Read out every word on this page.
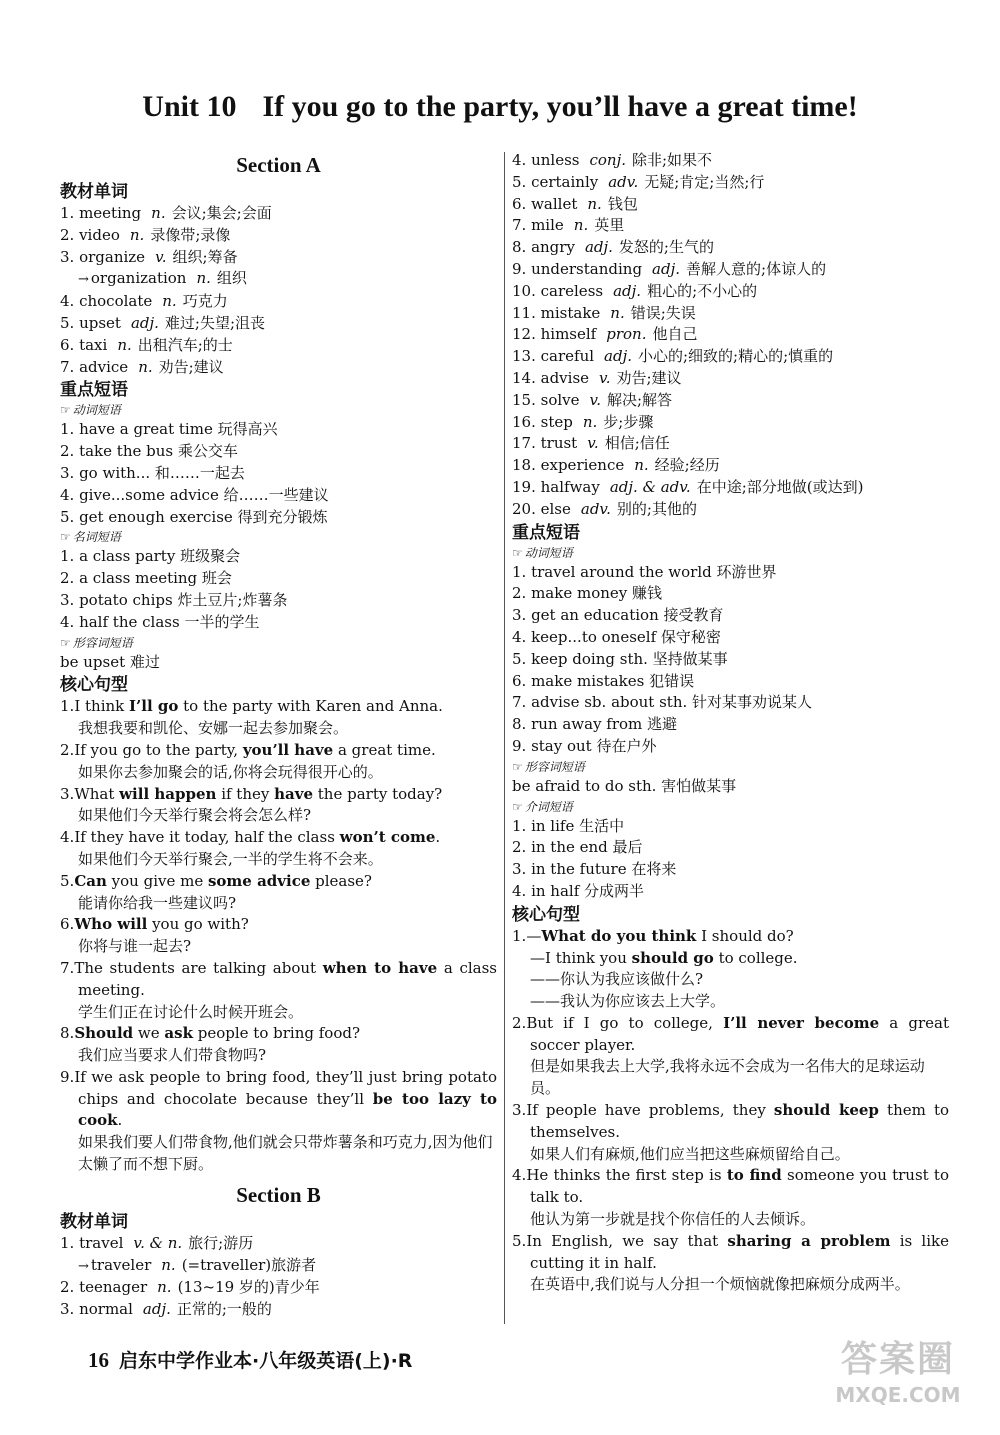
Unit 10 If you go to the party, you’ll have a great time!
Section A
教材单词
1. meeting n. 会议;集会;会面
2. video n. 录像带;录像
3. organize v. 组织;筹备
→ organization n. 组织
4. chocolate n. 巧克力
5. upset adj. 难过;失望;沮丧
6. taxi n. 出租汽车;的士
7. advice n. 劝告;建议
重点短语
☞ 动词短语
1. have a great time 玩得高兴
2. take the bus 乘公交车
3. go with... 和……一起去
4. give...some advice 给……一些建议
5. get enough exercise 得到充分锻炼
☞ 名词短语
1. a class party 班级聚会
2. a class meeting 班会
3. potato chips 炸土豆片;炸薯条
4. half the class 一半的学生
☞ 形容词短语
be upset 难过
核心句型
1.I think I’ll go to the party with Karen and Anna.
我想我要和凯伦、安娜一起去参加聚会。
2.If you go to the party, you’ll have a great time.
如果你去参加聚会的话,你将会玩得很开心的。
3.What will happen if they have the party today?
如果他们今天举行聚会将会怎么样?
4.If they have it today, half the class won’t come.
如果他们今天举行聚会,一半的学生将不会来。
5.Can you give me some advice please?
能请你给我一些建议吗?
6.Who will you go with?
你将与谁一起去?
7.The students are talking about when to have a class meeting.
学生们正在讨论什么时候开班会。
8.Should we ask people to bring food?
我们应当要求人们带食物吗?
9.If we ask people to bring food, they’ll just bring potato chips and chocolate because they’ll be too lazy to cook.
如果我们要人们带食物,他们就会只带炸薯条和巧克力,因为他们太懒了而不想下厨。
Section B
教材单词
1. travel v. & n. 旅行;游历
→ traveler n. (=traveller)旅游者
2. teenager n. (13~19 岁的)青少年
3. normal adj. 正常的;一般的
4. unless conj. 除非;如果不
5. certainly adv. 无疑;肯定;当然;行
6. wallet n. 钱包
7. mile n. 英里
8. angry adj. 发怒的;生气的
9. understanding adj. 善解人意的;体谅人的
10. careless adj. 粗心的;不小心的
11. mistake n. 错误;失误
12. himself pron. 他自己
13. careful adj. 小心的;细致的;精心的;慎重的
14. advise v. 劝告;建议
15. solve v. 解决;解答
16. step n. 步;步骤
17. trust v. 相信;信任
18. experience n. 经验;经历
19. halfway adj. & adv. 在中途;部分地做(或达到)
20. else adv. 别的;其他的
重点短语
☞ 动词短语
1. travel around the world 环游世界
2. make money 赚钱
3. get an education 接受教育
4. keep...to oneself 保守秘密
5. keep doing sth. 坚持做某事
6. make mistakes 犯错误
7. advise sb. about sth. 针对某事劝说某人
8. run away from 逃避
9. stay out 待在户外
☞ 形容词短语
be afraid to do sth. 害怕做某事
☞ 介词短语
1. in life 生活中
2. in the end 最后
3. in the future 在将来
4. in half 分成两半
核心句型
1.—What do you think I should do?
—I think you should go to college.
——你认为我应该做什么?
——我认为你应该去上大学。
2.But if I go to college, I’ll never become a great soccer player.
但是如果我去上大学,我将永远不会成为一名伟大的足球运动员。
3.If people have problems, they should keep them to themselves.
如果人们有麻烦,他们应当把这些麻烦留给自己。
4.He thinks the first step is to find someone you trust to talk to.
他认为第一步就是找个你信任的人去倾诉。
5.In English, we say that sharing a problem is like cutting it in half.
在英语中,我们说与人分担一个烦恼就像把麻烦分成两半。
16 启东中学作业本·八年级英语(上)·R	答案圈
MXQE.COM
